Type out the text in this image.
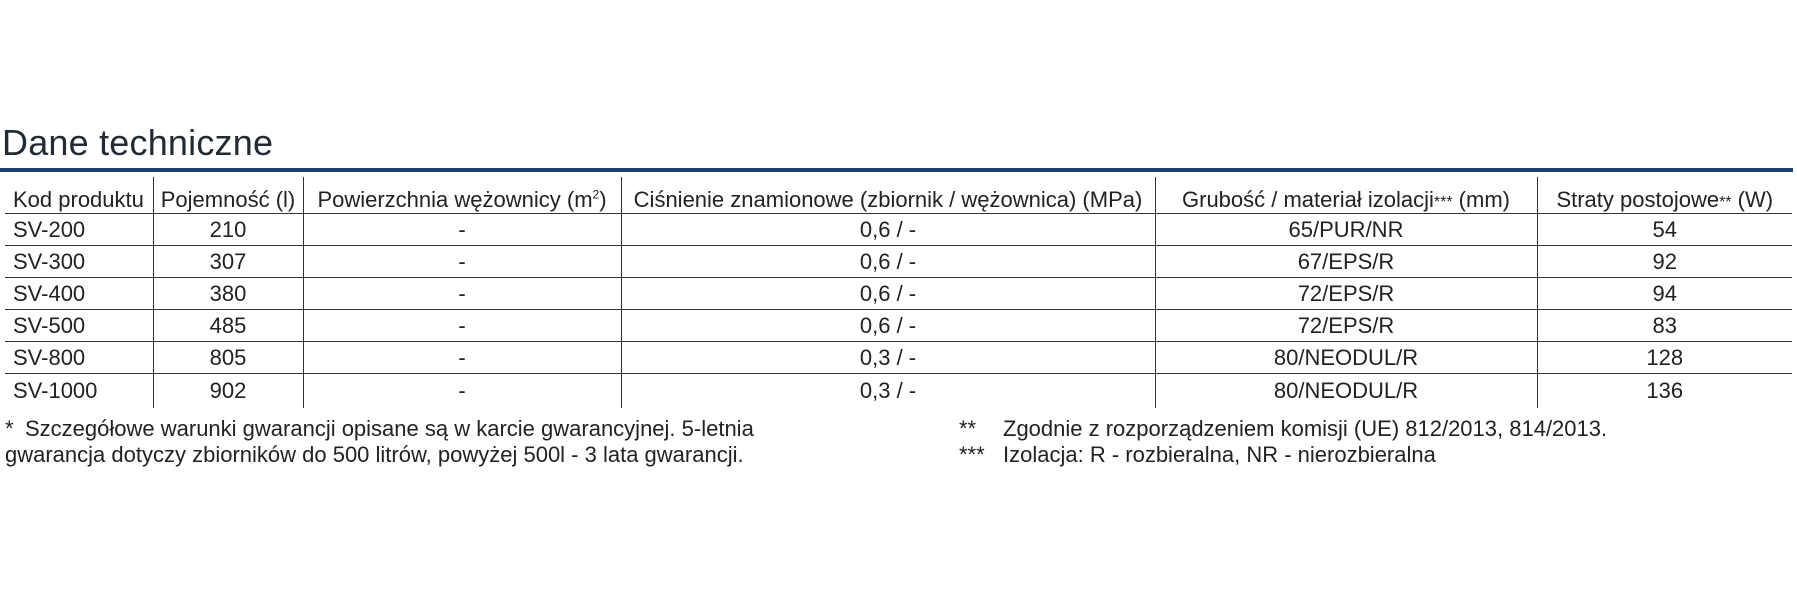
Dane techniczne
Kod produktu	Pojemność (l)	Powierzchnia wężownicy $(m^2)$	Ciśnienie znamionowe (zbiornik / wężownica) (MPa)	Grubość / materiał izolacji*** (mm)	Straty postojowe** (W)
SV-200	210	-	0,6 / -	65/PUR/NR	54
SV-300	307	-	0,6 / -	67/EPS/R	92
SV-400	380	-	0,6 / -	72/EPS/R	94
SV-500	485	-	0,6 / -	72/EPS/R	83
SV-800	805	-	0,3 / -	80/NEODUL/R	128
SV-1000	902	-	0,3 / -	80/NEODUL/R	136
* Szczegółowe warunki gwarancji opisane są w karcie gwarancyjnej. 5-letnia
gwarancja dotyczy zbiorników do 500 litrów, powyżej 500l - 3 lata gwarancji.
** Zgodnie z rozporządzeniem komisji (UE) 812/2013, 814/2013.
*** Izolacja: R - rozbieralna, NR - nierozbieralna
